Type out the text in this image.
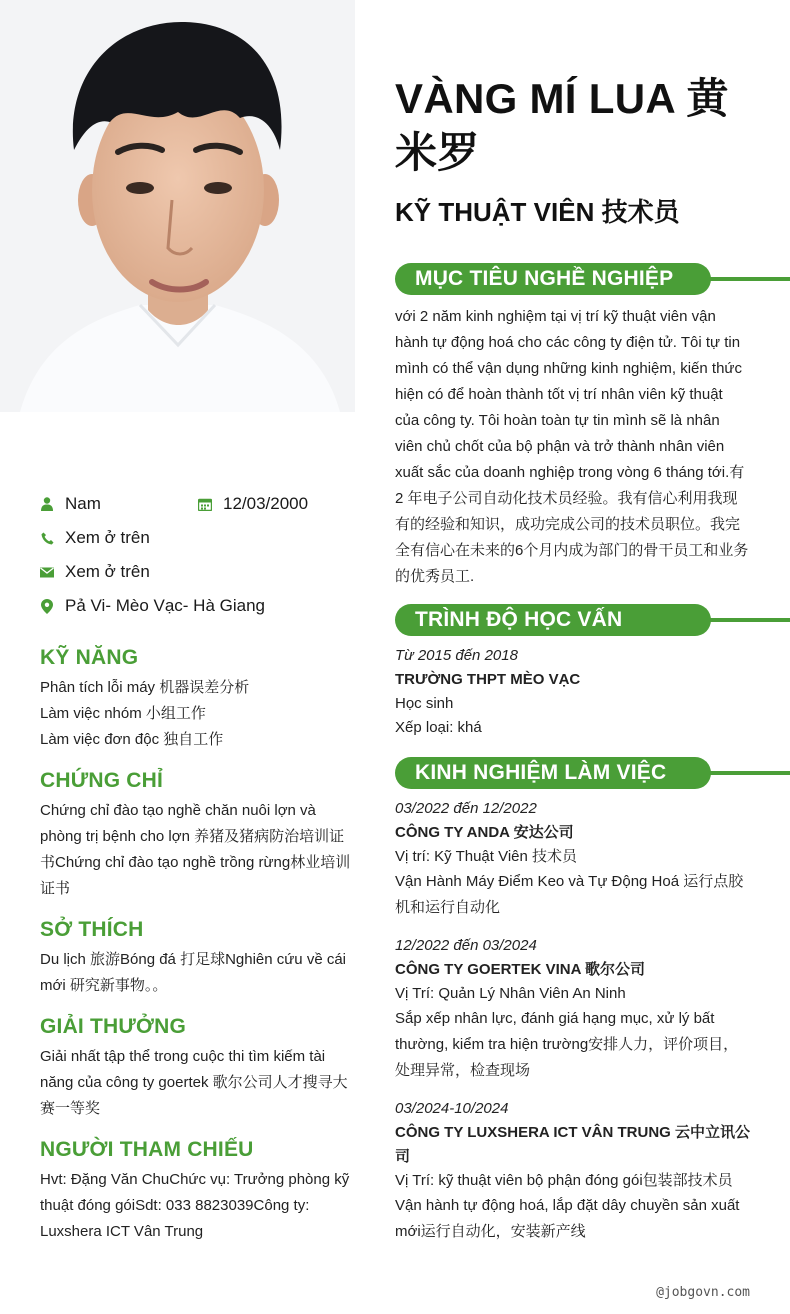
Nam	12/03/2000
Xem ở trên
Xem ở trên
Pả Vi- Mèo Vạc- Hà Giang
KỸ NĂNG
Phân tích lỗi máy 机器误差分析
Làm việc nhóm 小组工作
Làm việc đơn độc 独自工作
CHỨNG CHỈ
Chứng chỉ đào tạo nghề chăn nuôi lợn và
phòng trị bệnh cho lợn 养猪及猪病防治培训证
书Chứng chỉ đào tạo nghề trồng rừng林业培训
证书
SỞ THÍCH
Du lịch 旅游Bóng đá 打足球Nghiên cứu về cái
mới 研究新事物。。
GIẢI THƯỞNG
Giải nhất tập thể trong cuộc thi tìm kiếm tài
năng của công ty goertek 歌尔公司人才搜寻大
赛一等奖
NGƯỜI THAM CHIẾU
Hvt: Đặng Văn ChuChức vụ: Trưởng phòng kỹ
thuật đóng góiSdt: 033 8823039Công ty:
Luxshera ICT Vân Trung
VÀNG MÍ LUA 黄米罗
KỸ THUẬT VIÊN 技术员
MỤC TIÊU NGHỀ NGHIỆP
với 2 năm kinh nghiệm tại vị trí kỹ thuật viên vận
hành tự động hoá cho các công ty điện tử. Tôi tự tin
mình có thể vận dụng những kinh nghiệm, kiến thức
hiện có để hoàn thành tốt vị trí nhân viên kỹ thuật
của công ty. Tôi hoàn toàn tự tin mình sẽ là nhân
viên chủ chốt của bộ phận và trở thành nhân viên
xuất sắc của doanh nghiệp trong vòng 6 tháng tới.有
2 年电子公司自动化技术员经验。我有信心利用我现
有的经验和知识，成功完成公司的技术员职位。我完
全有信心在未来的6个月内成为部门的骨干员工和业务
的优秀员工.
TRÌNH ĐỘ HỌC VẤN
Từ 2015 đến 2018
TRƯỜNG THPT MÈO VẠC
Học sinh
Xếp loại: khá
KINH NGHIỆM LÀM VIỆC
03/2022 đến 12/2022
CÔNG TY ANDA 安达公司
Vị trí: Kỹ Thuật Viên 技术员
Vận Hành Máy Điểm Keo và Tự Động Hoá 运行点胶
机和运行自动化
12/2022 đến 03/2024
CÔNG TY GOERTEK VINA 歌尔公司
Vị Trí: Quản Lý Nhân Viên An Ninh
Sắp xếp nhân lực, đánh giá hạng mục, xử lý bất
thường, kiểm tra hiện trường安排人力，评价项目，
处理异常，检查现场
03/2024-10/2024
CÔNG TY LUXSHERA ICT VÂN TRUNG 云中立讯公
司
Vị Trí: kỹ thuật viên bộ phận đóng gói包装部技术员
Vận hành tự động hoá, lắp đặt dây chuyền sản xuất
mới运行自动化，安装新产线
@jobgovn.com
